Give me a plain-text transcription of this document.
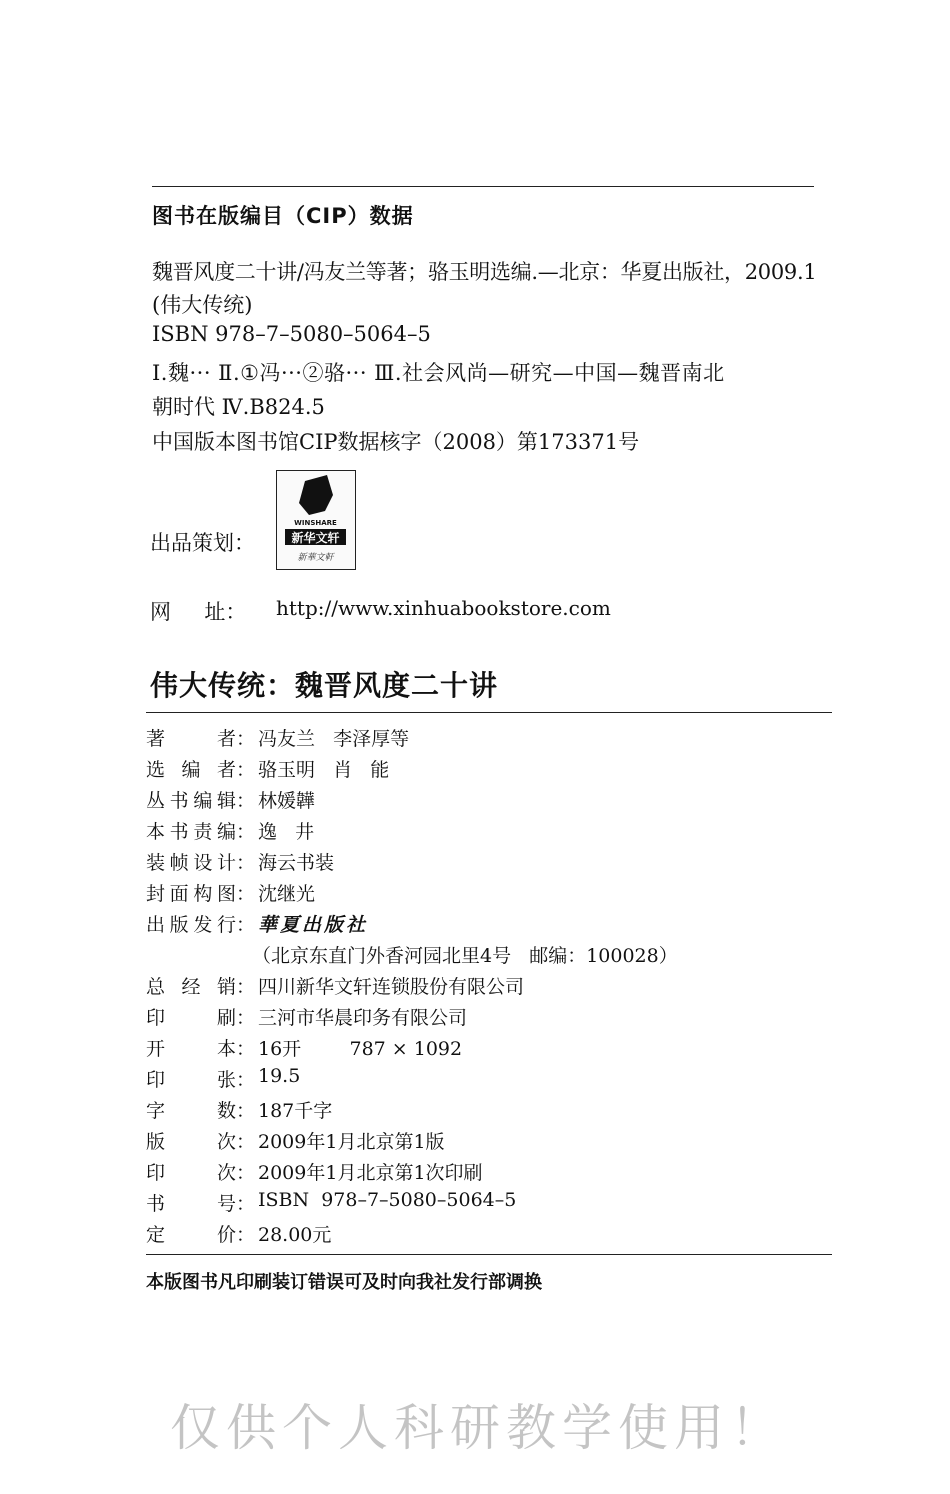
图书在版编目（CIP）数据
魏晋风度二十讲/冯友兰等著；骆玉明选编.—北京：华夏出版社，2009.1
(伟大传统)
ISBN 978–7–5080–5064–5
Ⅰ.魏··· Ⅱ.①冯···②骆··· Ⅲ.社会风尚—研究—中国—魏晋南北
朝时代 Ⅳ.B824.5
中国版本图书馆CIP数据核字（2008）第173371号
出品策划：
WINSHARE
新华文轩
新華文軒
网     址： http://www.xinhuabookstore.com
伟大传统：魏晋风度二十讲
著者 ： 冯友兰   李泽厚等
选编者 ： 骆玉明   肖   能
丛书编辑 ： 林媛韡
本书责编 ： 逸   井
装帧设计 ： 海云书装
封面构图 ： 沈继光
出版发行 ： 華夏出版社
（北京东直门外香河园北里4号   邮编：100028）
总经销 ： 四川新华文轩连锁股份有限公司
印刷 ： 三河市华晨印务有限公司
开本 ： 16开        787 × 1092
印张 ： 19.5
字数 ： 187千字
版次 ： 2009年1月北京第1版
印次 ： 2009年1月北京第1次印刷
书号 ： ISBN  978–7–5080–5064–5
定价 ： 28.00元
本版图书凡印刷装订错误可及时向我社发行部调换
仅供个人科研教学使用！
